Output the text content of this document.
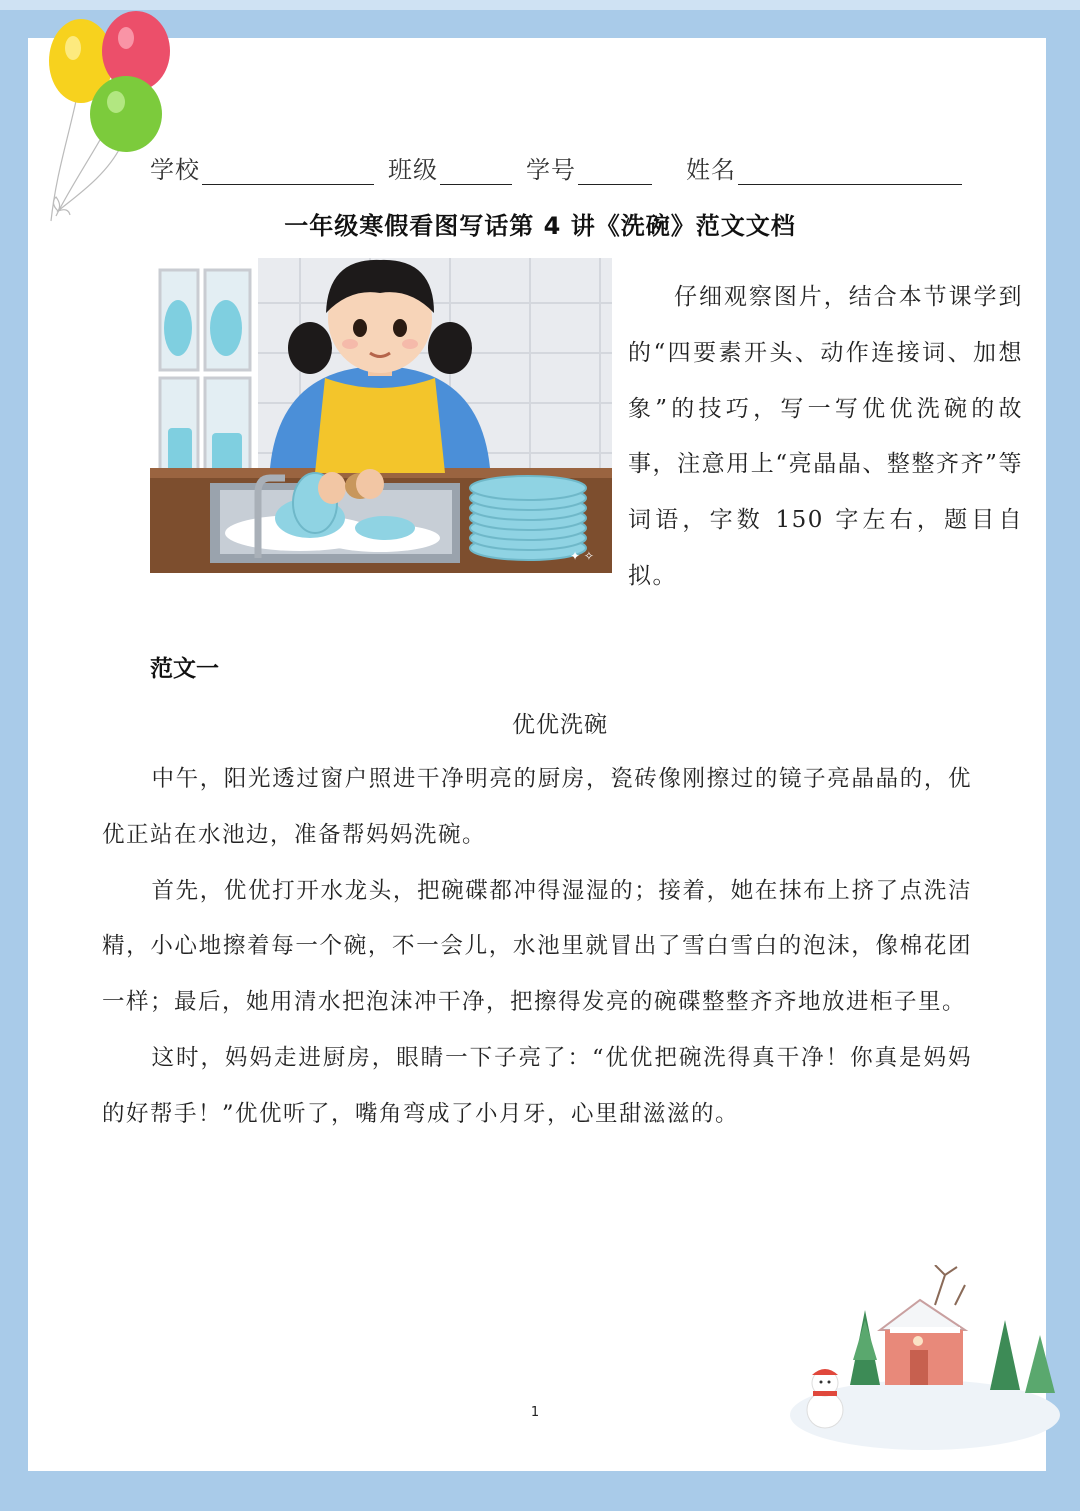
学校	班级	学号	姓名
一年级寒假看图写话第 4 讲《洗碗》范文文档
✦ ✧

仔细观察图片，结合本节课学到的“四要素开头、动作连接词、加想象”的技巧，写一写优优洗碗的故事，注意用上“亮晶晶、整整齐齐”等词语，字数 150 字左右，题目自拟。

范文一
优优洗碗

中午，阳光透过窗户照进干净明亮的厨房，瓷砖像刚擦过的镜子亮晶晶的，优优正站在水池边，准备帮妈妈洗碗。

首先，优优打开水龙头，把碗碟都冲得湿湿的；接着，她在抹布上挤了点洗洁精，小心地擦着每一个碗，不一会儿，水池里就冒出了雪白雪白的泡沫，像棉花团一样；最后，她用清水把泡沫冲干净，把擦得发亮的碗碟整整齐齐地放进柜子里。

这时，妈妈走进厨房，眼睛一下子亮了：“优优把碗洗得真干净！你真是妈妈的好帮手！”优优听了，嘴角弯成了小月牙，心里甜滋滋的。

1
